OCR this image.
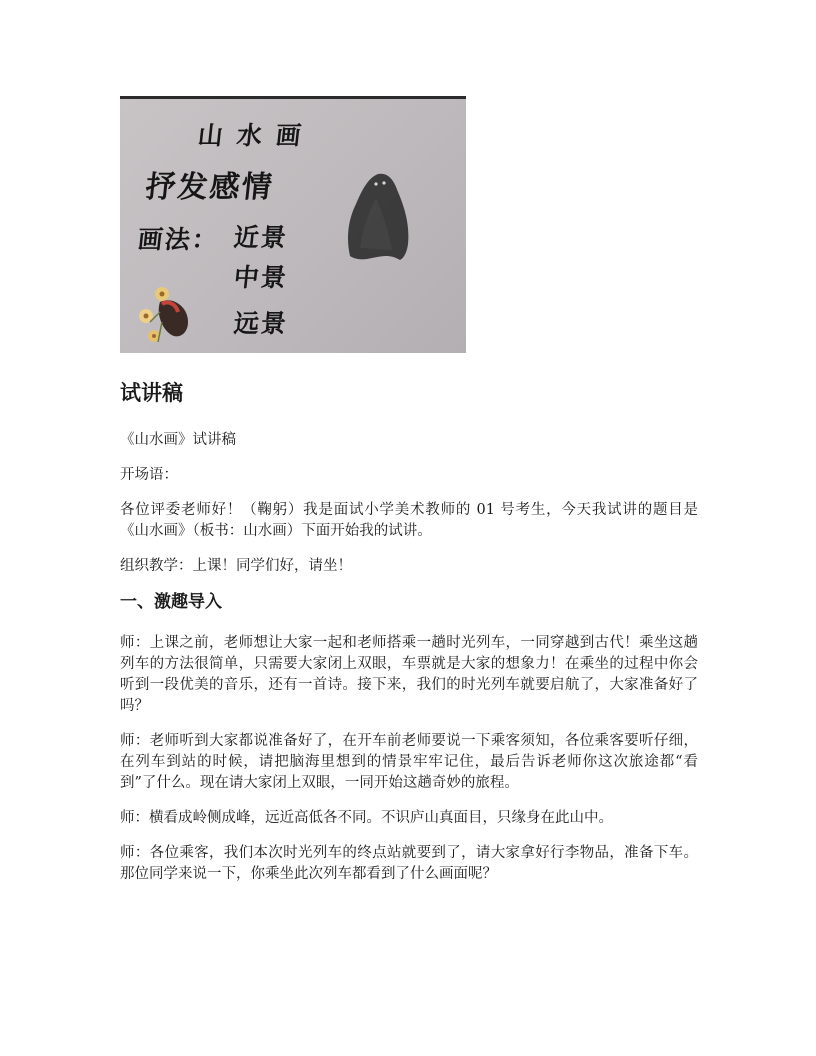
山水画
抒发感情
画法： 近景
中景
远景
试讲稿

《山水画》试讲稿

开场语：

各位评委老师好！（鞠躬）我是面试小学美术教师的 01 号考生，今天我试讲的题目是《山水画》（板书：山水画）下面开始我的试讲。

组织教学：上课！同学们好，请坐！

一、激趣导入

师：上课之前，老师想让大家一起和老师搭乘一趟时光列车，一同穿越到古代！乘坐这趟列车的方法很简单，只需要大家闭上双眼，车票就是大家的想象力！在乘坐的过程中你会听到一段优美的音乐，还有一首诗。接下来，我们的时光列车就要启航了，大家准备好了吗？

师：老师听到大家都说准备好了，在开车前老师要说一下乘客须知，各位乘客要听仔细，在列车到站的时候，请把脑海里想到的情景牢牢记住，最后告诉老师你这次旅途都“看到”了什么。现在请大家闭上双眼，一同开始这趟奇妙的旅程。

师：横看成岭侧成峰，远近高低各不同。不识庐山真面目，只缘身在此山中。

师：各位乘客，我们本次时光列车的终点站就要到了，请大家拿好行李物品，准备下车。那位同学来说一下，你乘坐此次列车都看到了什么画面呢？
